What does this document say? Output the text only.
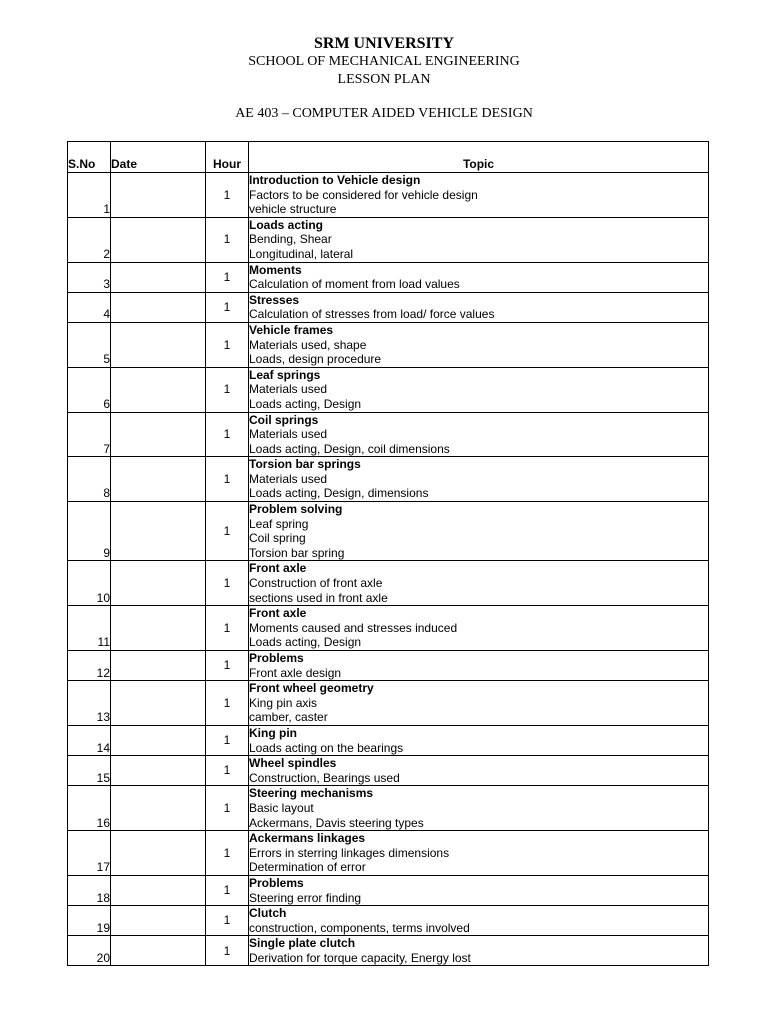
SRM UNIVERSITY
SCHOOL OF MECHANICAL ENGINEERING
LESSON PLAN
AE 403 – COMPUTER AIDED VEHICLE DESIGN
S.No	Date	Hour	Topic
1		1	Introduction to Vehicle design
Factors to be considered for vehicle design
vehicle structure

2		1	Loads acting
Bending, Shear
Longitudinal, lateral

3		1	Moments
Calculation of moment from load values

4		1	Stresses
Calculation of stresses from load/ force values

5		1	Vehicle frames
Materials used, shape
Loads, design procedure

6		1	Leaf springs
Materials used
Loads acting, Design

7		1	Coil springs
Materials used
Loads acting, Design, coil dimensions

8		1	Torsion bar springs
Materials used
Loads acting, Design, dimensions

9		1	Problem solving
Leaf spring
Coil spring
Torsion bar spring

10		1	Front axle
Construction of front axle
sections used in front axle

11		1	Front axle
Moments caused and stresses induced
Loads acting, Design

12		1	Problems
Front axle design

13		1	Front wheel geometry
King pin axis
camber, caster

14		1	King pin
Loads acting on the bearings

15		1	Wheel spindles
Construction, Bearings used

16		1	Steering mechanisms
Basic layout
Ackermans, Davis steering types

17		1	Ackermans linkages
Errors in sterring linkages dimensions
Determination of error

18		1	Problems
Steering error finding

19		1	Clutch
construction, components, terms involved

20		1	Single plate clutch
Derivation for torque capacity, Energy lost
